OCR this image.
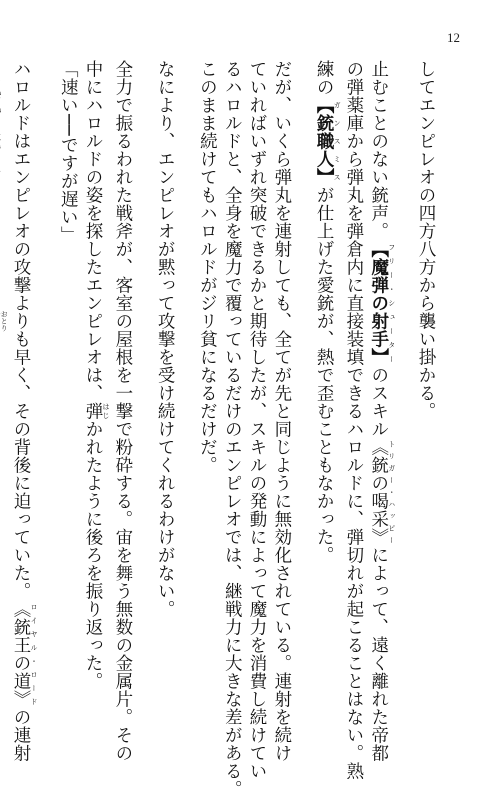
12
してエンピレオの四方八方から襲い掛かる。
止むことのない銃声。【魔弾の射手】 フリー・シューターのスキル《銃の喝采》 トリガー・ハッピーによって、遠く離れた帝都
の弾薬庫から弾丸を弾倉内に直接装填できるハロルドに、弾切れが起こることはない。熟
練の【銃職人】 ガンスミスが仕上げた愛銃が、熱で歪むこともなかった。
だが、いくら弾丸を連射しても、全てが先と同じように無効化されている。連射を続け
ていればいずれ突破できるかと期待したが、スキルの発動によって魔力を消費し続けてい
るハロルドと、全身を魔力で覆っているだけのエンピレオでは、継戦力に大きな差がある。
このまま続けてもハロルドがジリ貧になるだけだ。
なにより、エンピレオが黙って攻撃を受け続けてくれるわけがない。
全力で振るわれた戦斧が、客室の屋根を一撃で粉砕する。宙を舞う無数の金属片。その
中にハロルドの姿を探したエンピレオは、弾 はじかれたように後ろを振り返った。
「速い──ですが遅い」
ハロルドはエンピレオの攻撃よりも早く、その背後に迫っていた。《銃王の道》 ロイヤル・ロードの連射
おとり
